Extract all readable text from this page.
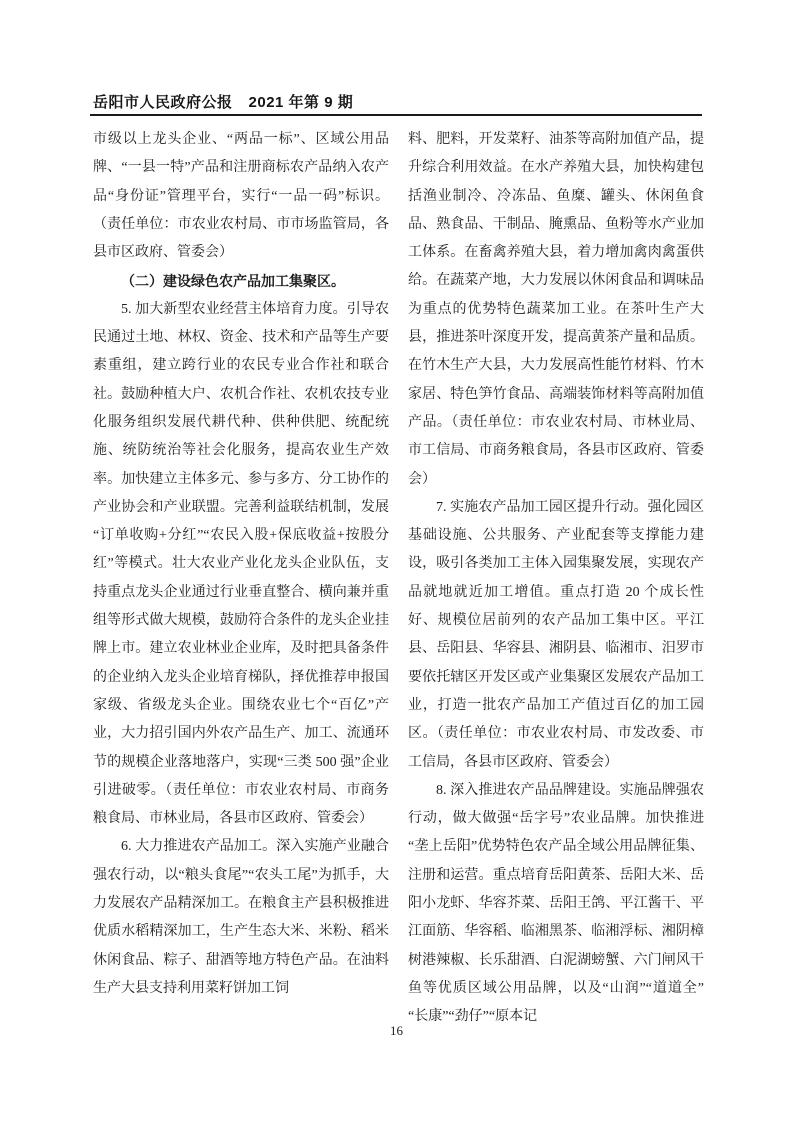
岳阳市人民政府公报 2021 年第 9 期

市级以上龙头企业、“两品一标”、区域公用品牌、“一县一特”产品和注册商标农产品纳入农产品“身份证”管理平台，实行“一品一码”标识。（责任单位：市农业农村局、市市场监管局，各县市区政府、管委会）

（二）建设绿色农产品加工集聚区。

5. 加大新型农业经营主体培育力度。引导农民通过土地、林权、资金、技术和产品等生产要素重组，建立跨行业的农民专业合作社和联合社。鼓励种植大户、农机合作社、农机农技专业化服务组织发展代耕代种、供种供肥、统配统施、统防统治等社会化服务，提高农业生产效率。加快建立主体多元、参与多方、分工协作的产业协会和产业联盟。完善利益联结机制，发展“订单收购+分红”“农民入股+保底收益+按股分红”等模式。壮大农业产业化龙头企业队伍，支持重点龙头企业通过行业垂直整合、横向兼并重组等形式做大规模，鼓励符合条件的龙头企业挂牌上市。建立农业林业企业库，及时把具备条件的企业纳入龙头企业培育梯队，择优推荐申报国家级、省级龙头企业。围绕农业七个“百亿”产业，大力招引国内外农产品生产、加工、流通环节的规模企业落地落户，实现“三类 500 强”企业引进破零。（责任单位：市农业农村局、市商务粮食局、市林业局，各县市区政府、管委会）

6. 大力推进农产品加工。深入实施产业融合强农行动，以“粮头食尾”“农头工尾”为抓手，大力发展农产品精深加工。在粮食主产县积极推进优质水稻精深加工，生产生态大米、米粉、稻米休闲食品、粽子、甜酒等地方特色产品。在油料生产大县支持利用菜籽饼加工饲

料、肥料，开发菜籽、油茶等高附加值产品，提升综合利用效益。在水产养殖大县，加快构建包括渔业制冷、冷冻品、鱼糜、罐头、休闲鱼食品、熟食品、干制品、腌熏品、鱼粉等水产业加工体系。在畜禽养殖大县，着力增加禽肉禽蛋供给。在蔬菜产地，大力发展以休闲食品和调味品为重点的优势特色蔬菜加工业。在茶叶生产大县，推进茶叶深度开发，提高黄茶产量和品质。在竹木生产大县，大力发展高性能竹材料、竹木家居、特色笋竹食品、高端装饰材料等高附加值产品。（责任单位：市农业农村局、市林业局、市工信局、市商务粮食局，各县市区政府、管委会）

7. 实施农产品加工园区提升行动。强化园区基础设施、公共服务、产业配套等支撑能力建设，吸引各类加工主体入园集聚发展，实现农产品就地就近加工增值。重点打造 20 个成长性好、规模位居前列的农产品加工集中区。平江县、岳阳县、华容县、湘阴县、临湘市、汨罗市要依托辖区开发区或产业集聚区发展农产品加工业，打造一批农产品加工产值过百亿的加工园区。（责任单位：市农业农村局、市发改委、市工信局，各县市区政府、管委会）

8. 深入推进农产品品牌建设。实施品牌强农行动，做大做强“岳字号”农业品牌。加快推进“垄上岳阳”优势特色农产品全域公用品牌征集、注册和运营。重点培育岳阳黄茶、岳阳大米、岳阳小龙虾、华容芥菜、岳阳王鸽、平江酱干、平江面筋、华容稻、临湘黑茶、临湘浮标、湘阴樟树港辣椒、长乐甜酒、白泥湖螃蟹、六门闸风干鱼等优质区域公用品牌，以及“山润”“道道全”“长康”“劲仔”“原本记

16
